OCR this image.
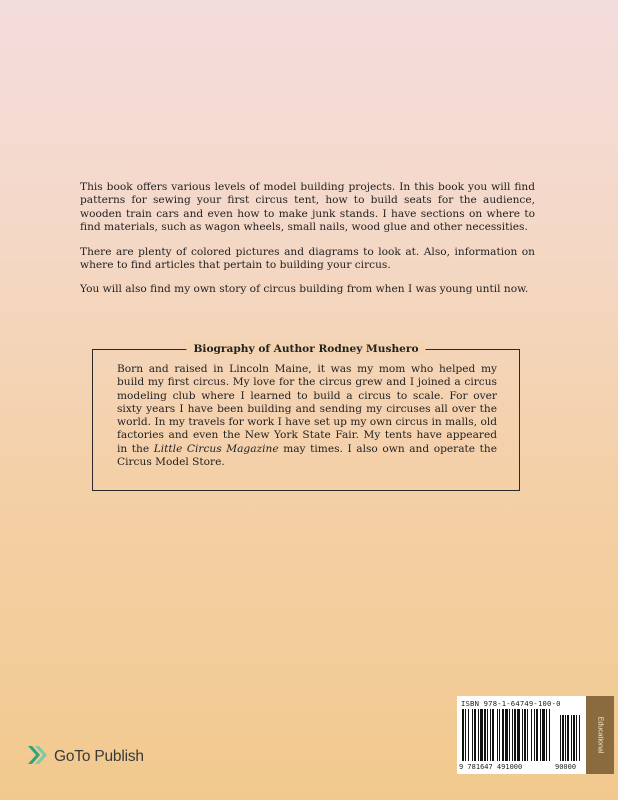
This book offers various levels of model building projects. In this book you will find patterns for sewing your first circus tent, how to build seats for the audience, wooden train cars and even how to make junk stands. I have sections on where to find materials, such as wagon wheels, small nails, wood glue and other necessities.

There are plenty of colored pictures and diagrams to look at. Also, information on where to find articles that pertain to building your circus.

You will also find my own story of circus building from when I was young until now.

Biography of Author Rodney Mushero
Born and raised in Lincoln Maine, it was my mom who helped my build my first circus. My love for the circus grew and I joined a circus modeling club where I learned to build a circus to scale. For over sixty years I have been building and sending my circuses all over the world. In my travels for work I have set up my own circus in malls, old factories and even the New York State Fair. My tents have appeared in the Little Circus Magazine may times. I also own and operate the Circus Model Store.
GoTo Publish
ISBN 978-1-64749-100-0
9 781647 491000	90000
Educational
